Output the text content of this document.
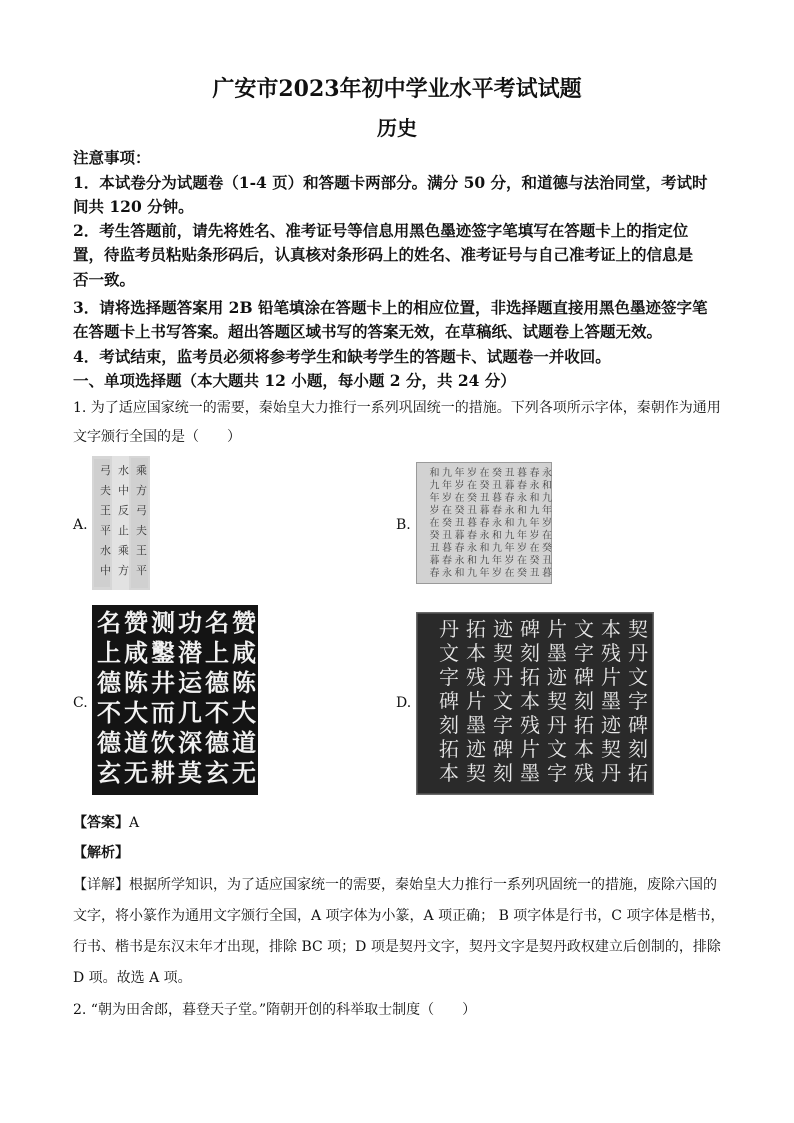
广安市2023年初中学业水平考试试题
历史
注意事项：
1．本试卷分为试题卷（1-4 页）和答题卡两部分。满分 50 分，和道德与法治同堂，考试时
间共 120 分钟。
2．考生答题前，请先将姓名、准考证号等信息用黑色墨迹签字笔填写在答题卡上的指定位
置，待监考员粘贴条形码后，认真核对条形码上的姓名、准考证号与自己准考证上的信息是
否一致。
3．请将选择题答案用 2B 铅笔填涂在答题卡上的相应位置，非选择题直接用黑色墨迹签字笔
在答题卡上书写答案。超出答题区域书写的答案无效，在草稿纸、试题卷上答题无效。
4．考试结束，监考员必须将参考学生和缺考学生的答题卡、试题卷一并收回。
一、单项选择题（本大题共 12 小题，每小题 2 分，共 24 分）
1. 为了适应国家统一的需要，秦始皇大力推行一系列巩固统一的措施。下列各项所示字体，秦朝作为通用
文字颁行全国的是（　　）
A.
乘方弓夫王平水中反止乘方弓夫王平水中
B.
永
和
九
年
岁
在
癸
丑
暮
春
永
和
九
年
岁
在
癸
丑
暮
春
永
和
九
年
岁
在
癸
丑
暮
春
永
和
九
年
岁
在
癸
丑
暮
春
永
和
九
年
岁
在
癸
丑
暮
春
永
和
九
年
岁
在
癸
丑
暮
春
永
和
九
年
岁
在
癸
丑
暮
春
永
和
九
年
岁
在
癸
丑
暮
春
永
和
九
年
岁
在
癸
丑
暮
春
C.
赞
咸
陈
大
道
无
名
上
德
不
德
玄
功
潜
运
几
深
莫
测
鑿
井
而
饮
耕
赞
咸
陈
大
道
无
名
上
德
不
德
玄
D.
契
丹
文
字
碑
刻
拓
本
残
片
墨
迹
契
丹
文
字
碑
刻
拓
本
残
片
墨
迹
契
丹
文
字
碑
刻
拓
本
残
片
墨
迹
契
丹
文
字
碑
刻
拓
本
残
片
墨
迹
契
丹
文
字
碑
刻
拓
本
【答案】A
【解析】
【详解】根据所学知识，为了适应国家统一的需要，秦始皇大力推行一系列巩固统一的措施，废除六国的
文字，将小篆作为通用文字颁行全国，A 项字体为小篆，A 项正确； B 项字体是行书，C 项字体是楷书，
行书、楷书是东汉末年才出现，排除 BC 项；D 项是契丹文字，契丹文字是契丹政权建立后创制的，排除
D 项。故选 A 项。
2. “朝为田舍郎，暮登天子堂。”隋朝开创的科举取士制度（　　）
